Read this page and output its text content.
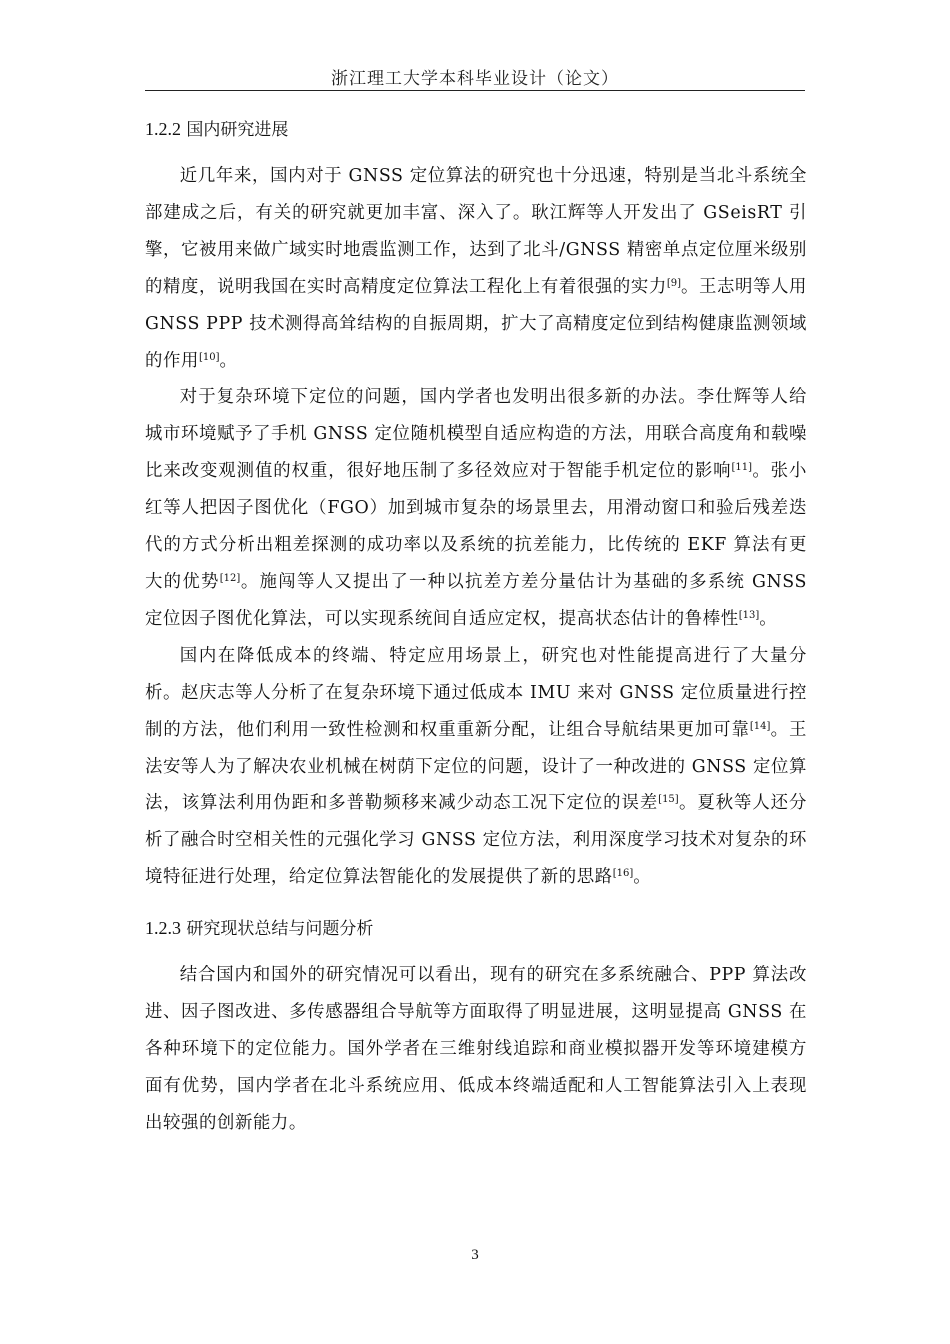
浙江理工大学本科毕业设计（论文）
1.2.2 国内研究进展

近几年来，国内对于 GNSS 定位算法的研究也十分迅速，特别是当北斗系统全部建成之后，有关的研究就更加丰富、深入了。耿江辉等人开发出了 GSeisRT 引擎，它被用来做广域实时地震监测工作，达到了北斗/GNSS 精密单点定位厘米级别的精度，说明我国在实时高精度定位算法工程化上有着很强的实力[9]。王志明等人用 GNSS PPP 技术测得高耸结构的自振周期，扩大了高精度定位到结构健康监测领域的作用[10]。

对于复杂环境下定位的问题，国内学者也发明出很多新的办法。李仕辉等人给城市环境赋予了手机 GNSS 定位随机模型自适应构造的方法，用联合高度角和载噪比来改变观测值的权重，很好地压制了多径效应对于智能手机定位的影响[11]。张小红等人把因子图优化（FGO）加到城市复杂的场景里去，用滑动窗口和验后残差迭代的方式分析出粗差探测的成功率以及系统的抗差能力，比传统的 EKF 算法有更大的优势[12]。施闯等人又提出了一种以抗差方差分量估计为基础的多系统 GNSS 定位因子图优化算法，可以实现系统间自适应定权，提高状态估计的鲁棒性[13]。

国内在降低成本的终端、特定应用场景上，研究也对性能提高进行了大量分析。赵庆志等人分析了在复杂环境下通过低成本 IMU 来对 GNSS 定位质量进行控制的方法，他们利用一致性检测和权重重新分配，让组合导航结果更加可靠[14]。王法安等人为了解决农业机械在树荫下定位的问题，设计了一种改进的 GNSS 定位算法，该算法利用伪距和多普勒频移来减少动态工况下定位的误差[15]。夏秋等人还分析了融合时空相关性的元强化学习 GNSS 定位方法，利用深度学习技术对复杂的环境特征进行处理，给定位算法智能化的发展提供了新的思路[16]。

1.2.3 研究现状总结与问题分析

结合国内和国外的研究情况可以看出，现有的研究在多系统融合、PPP 算法改进、因子图改进、多传感器组合导航等方面取得了明显进展，这明显提高 GNSS 在各种环境下的定位能力。国外学者在三维射线追踪和商业模拟器开发等环境建模方面有优势，国内学者在北斗系统应用、低成本终端适配和人工智能算法引入上表现出较强的创新能力。

3
